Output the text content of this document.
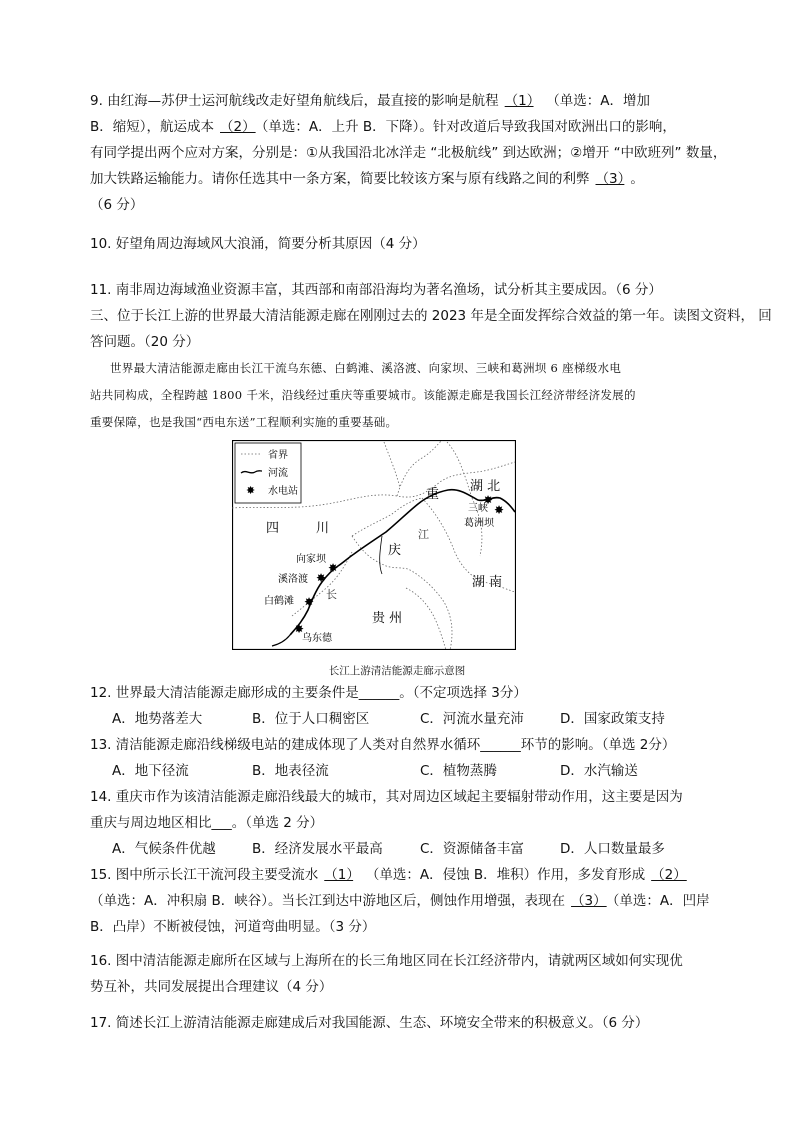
9. 由红海—苏伊士运河航线改走好望角航线后，最直接的影响是航程 （1）　 （单选：A．增加
B．缩短），航运成本 （2） （单选：A．上升 B．下降）。针对改道后导致我国对欧洲出口的影响，
有同学提出两个应对方案，分别是：①从我国沿北冰洋走 “北极航线” 到达欧洲；②增开 “中欧班列” 数量，
加大铁路运输能力。请你任选其中一条方案，简要比较该方案与原有线路之间的利弊 （3） 。
（6 分）
10. 好望角周边海域风大浪涌，简要分析其原因（4 分）
11. 南非周边海域渔业资源丰富，其西部和南部沿海均为著名渔场，试分析其主要成因。（6 分）
三、位于长江上游的世界最大清洁能源走廊在刚刚过去的 2023 年是全面发挥综合效益的第一年。读图文资料， 回
答问题。（20 分）
世界最大清洁能源走廊由长江干流乌东德、白鹤滩、溪洛渡、向家坝、三峡和葛洲坝 6 座梯级水电
站共同构成，全程跨越 1800 千米，沿线经过重庆等重要城市。该能源走廊是我国长江经济带经济发展的
重要保障，也是我国“西电东送”工程顺利实施的重要基础。
省界
河流
✸ 水电站
四	川
重
庆
湖 北
湖 南
贵 州
江
长
✸
三峡 ✸
葛洲坝
✸
向家坝
✸
溪洛渡
✸
白鹤滩
✸
乌东德
长江上游清洁能源走廊示意图
12. 世界最大清洁能源走廊形成的主要条件是______。（不定项选择 3分）
A．地势落差大	B．位于人口稠密区	C．河流水量充沛	D．国家政策支持
13. 清洁能源走廊沿线梯级电站的建成体现了人类对自然界水循环______环节的影响。（单选 2分）
A．地下径流	B．地表径流	C．植物蒸腾	D．水汽输送
14. 重庆市作为该清洁能源走廊沿线最大的城市，其对周边区域起主要辐射带动作用，这主要是因为
重庆与周边地区相比___。（单选 2 分）
A．气候条件优越	B．经济发展水平最高	C．资源储备丰富	D．人口数量最多
15. 图中所示长江干流河段主要受流水 （1）　 （单选：A．侵蚀 B．堆积）作用，多发育形成 （2）
（单选：A．冲积扇 B．峡谷）。当长江到达中游地区后，侧蚀作用增强，表现在 （3） （单选：A．凹岸
B．凸岸）不断被侵蚀，河道弯曲明显。（3 分）
16. 图中清洁能源走廊所在区域与上海所在的长三角地区同在长江经济带内，请就两区域如何实现优
势互补，共同发展提出合理建议（4 分）
17. 简述长江上游清洁能源走廊建成后对我国能源、生态、环境安全带来的积极意义。（6 分）
